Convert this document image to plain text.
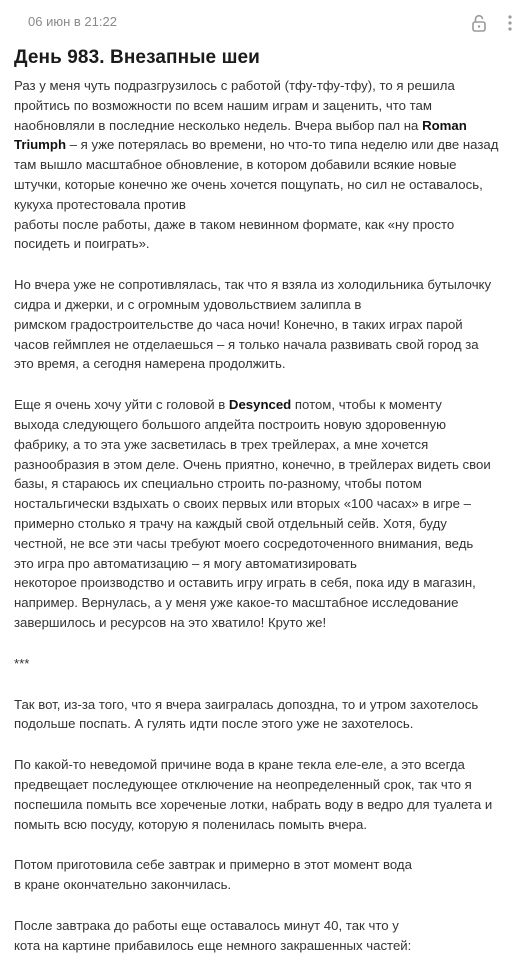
06 июн в 21:22
День 983. Внезапные шеи

Раз у меня чуть подразгрузилось с работой (тфу-тфу-тфу), то я решила
пройтись по возможности по всем нашим играм и заценить, что там
наобновляли в последние несколько недель. Вчера выбор пал на Roman
Triumph – я уже потерялась во времени, но что-то типа неделю или две назад
там вышло масштабное обновление, в котором добавили всякие новые
штучки, которые конечно же очень хочется пощупать, но сил не оставалось,
кукуха протестовала против
работы после работы, даже в таком невинном формате, как «ну просто
посидеть и поиграть».

Но вчера уже не сопротивлялась, так что я взяла из холодильника бутылочку
сидра и джерки, и с огромным удовольствием залипла в
римском градостроительстве до часа ночи! Конечно, в таких играх парой
часов геймплея не отделаешься – я только начала развивать свой город за
это время, а сегодня намерена продолжить.

Еще я очень хочу уйти с головой в Desynced потом, чтобы к моменту
выхода следующего большого апдейта построить новую здоровенную
фабрику, а то эта уже засветилась в трех трейлерах, а мне хочется
разнообразия в этом деле. Очень приятно, конечно, в трейлерах видеть свои
базы, я стараюсь их специально строить по-разному, чтобы потом
ностальгически вздыхать о своих первых или вторых «100 часах» в игре –
примерно столько я трачу на каждый свой отдельный сейв. Хотя, буду
честной, не все эти часы требуют моего сосредоточенного внимания, ведь
это игра про автоматизацию – я могу автоматизировать
некоторое производство и оставить игру играть в себя, пока иду в магазин,
например. Вернулась, а у меня уже какое-то масштабное исследование
завершилось и ресурсов на это хватило! Круто же!

***

Так вот, из-за того, что я вчера заигралась допоздна, то и утром захотелось
подольше поспать. А гулять идти после этого уже не захотелось.

По какой-то неведомой причине вода в кране текла еле-еле, а это всегда
предвещает последующее отключение на неопределенный срок, так что я
поспешила помыть все хореченые лотки, набрать воду в ведро для туалета и
помыть всю посуду, которую я поленилась помыть вчера.

Потом приготовила себе завтрак и примерно в этот момент вода
в кране окончательно закончилась.

После завтрака до работы еще оставалось минут 40, так что у
кота на картине прибавилось еще немного закрашенных частей:
